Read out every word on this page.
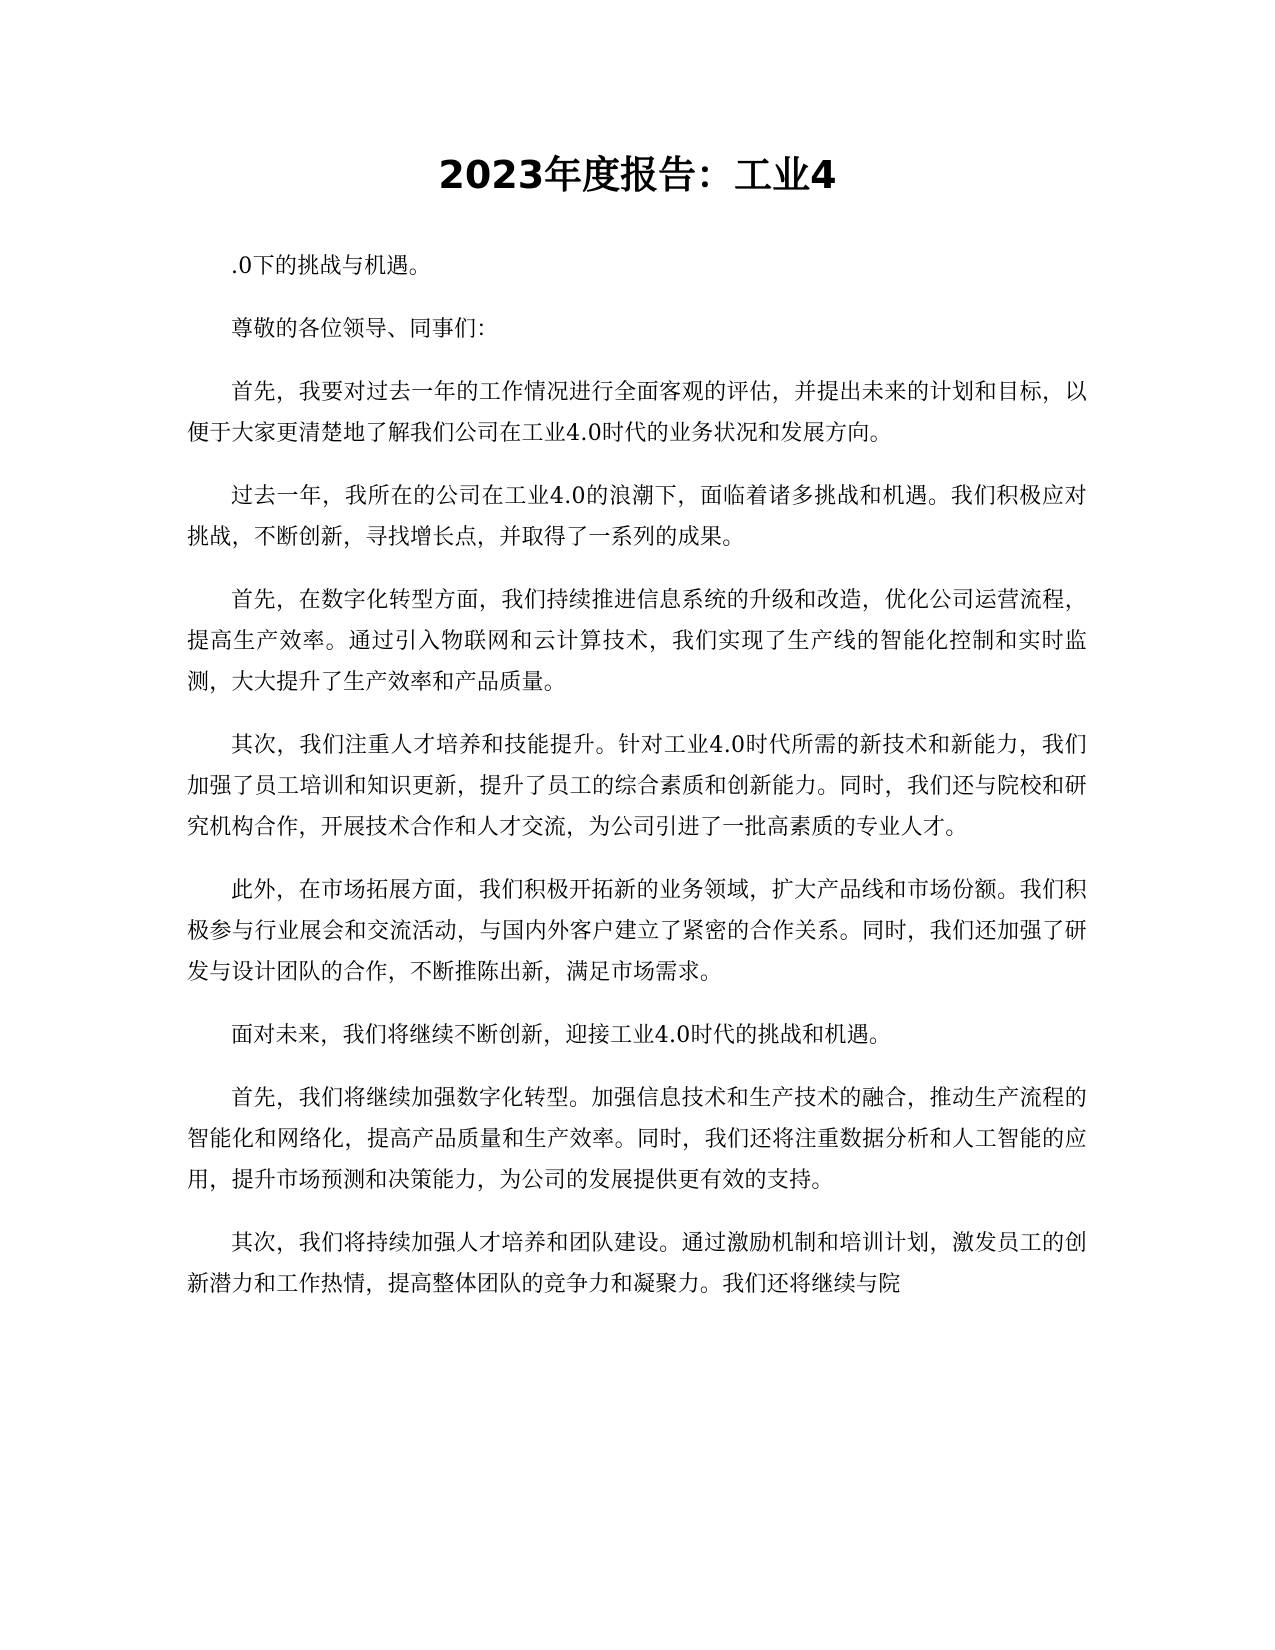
2023年度报告：工业4

.0下的挑战与机遇。

尊敬的各位领导、同事们：

首先，我要对过去一年的工作情况进行全面客观的评估，并提出未来的计划和目标，以便于大家更清楚地了解我们公司在工业4.0时代的业务状况和发展方向。

过去一年，我所在的公司在工业4.0的浪潮下，面临着诸多挑战和机遇。我们积极应对挑战，不断创新，寻找增长点，并取得了一系列的成果。

首先，在数字化转型方面，我们持续推进信息系统的升级和改造，优化公司运营流程，提高生产效率。通过引入物联网和云计算技术，我们实现了生产线的智能化控制和实时监测，大大提升了生产效率和产品质量。

其次，我们注重人才培养和技能提升。针对工业4.0时代所需的新技术和新能力，我们加强了员工培训和知识更新，提升了员工的综合素质和创新能力。同时，我们还与院校和研究机构合作，开展技术合作和人才交流，为公司引进了一批高素质的专业人才。

此外，在市场拓展方面，我们积极开拓新的业务领域，扩大产品线和市场份额。我们积极参与行业展会和交流活动，与国内外客户建立了紧密的合作关系。同时，我们还加强了研发与设计团队的合作，不断推陈出新，满足市场需求。

面对未来，我们将继续不断创新，迎接工业4.0时代的挑战和机遇。

首先，我们将继续加强数字化转型。加强信息技术和生产技术的融合，推动生产流程的智能化和网络化，提高产品质量和生产效率。同时，我们还将注重数据分析和人工智能的应用，提升市场预测和决策能力，为公司的发展提供更有效的支持。

其次，我们将持续加强人才培养和团队建设。通过激励机制和培训计划，激发员工的创新潜力和工作热情，提高整体团队的竞争力和凝聚力。我们还将继续与院
